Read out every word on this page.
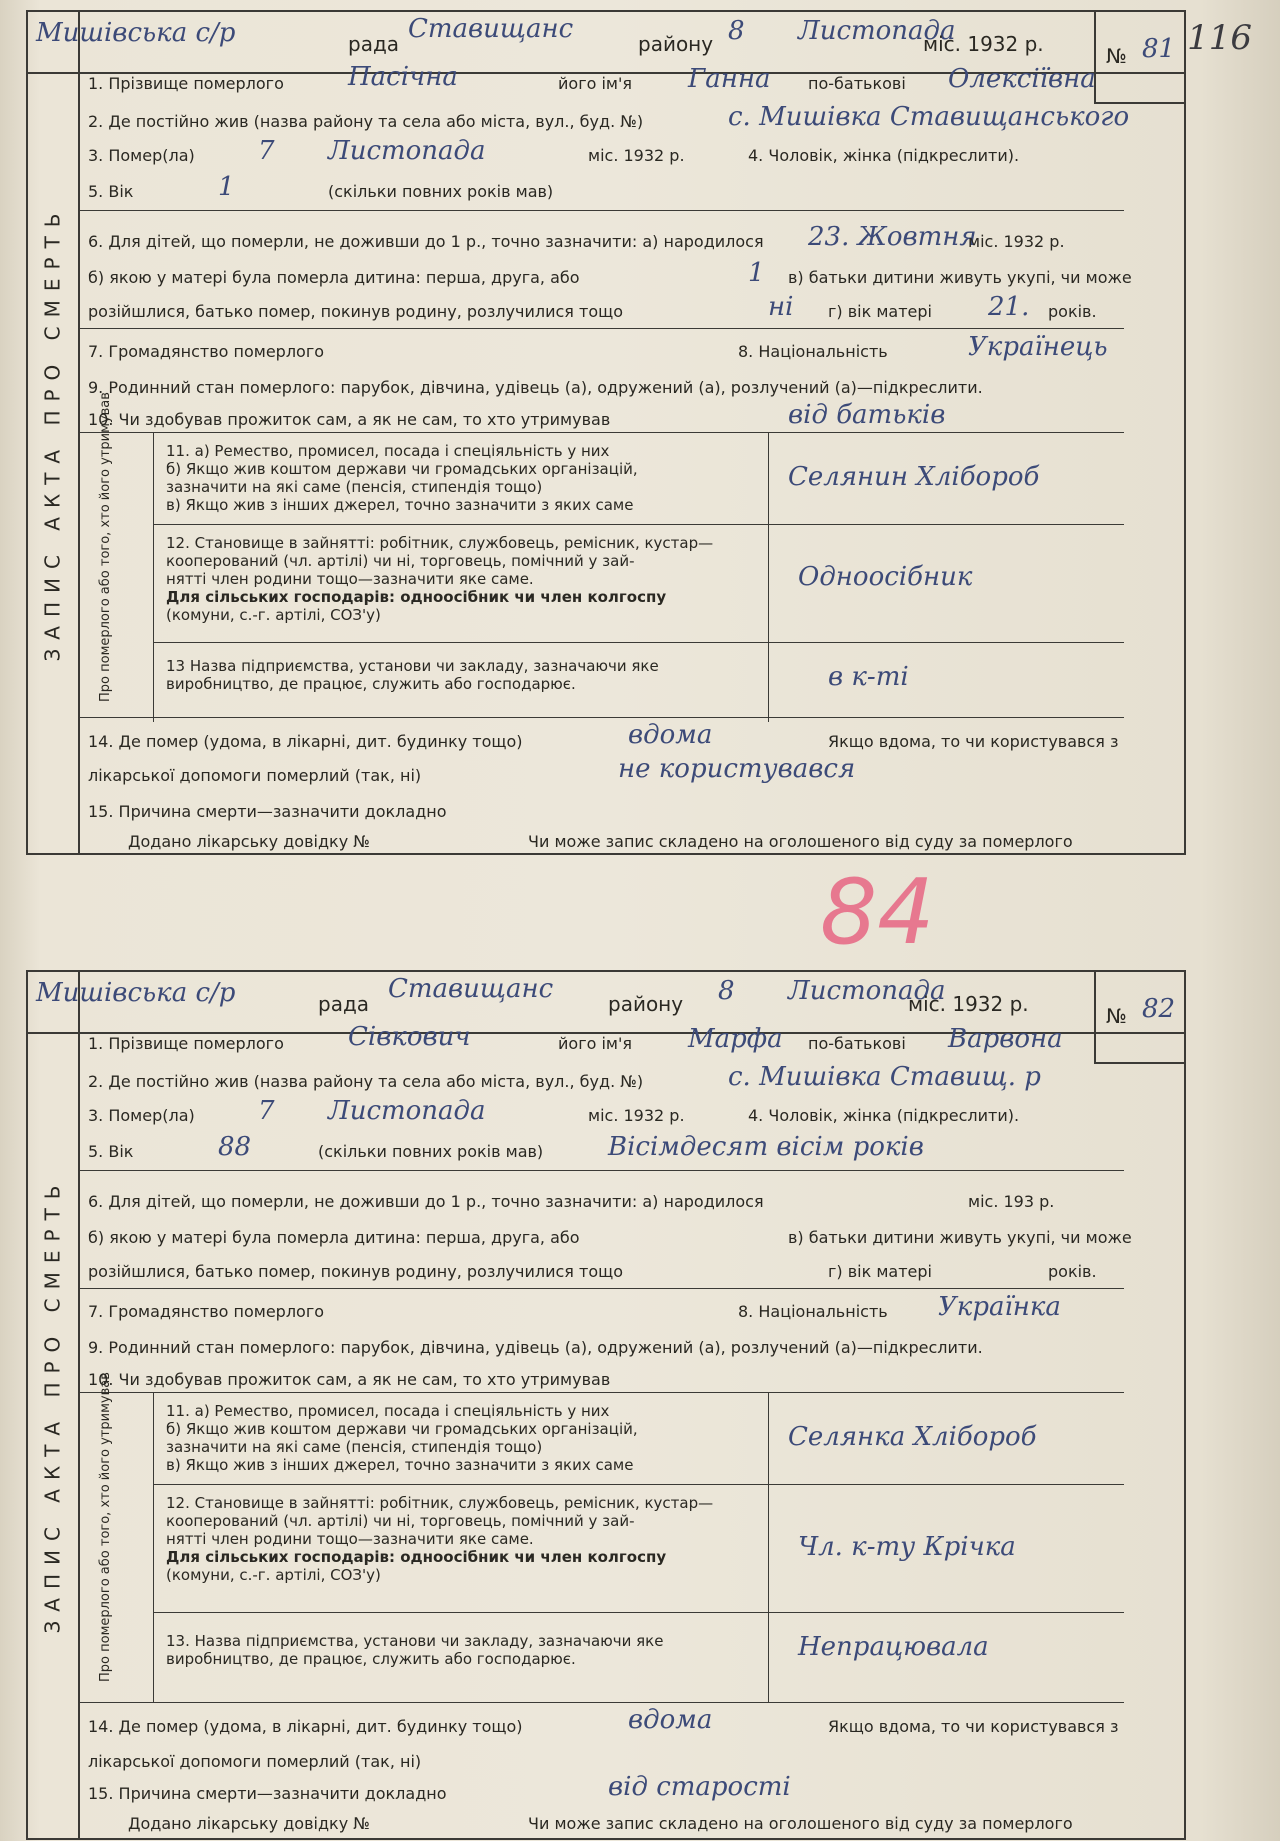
116
84
ЗАПИС АКТА ПРО СМЕРТЬ
Мишівська с/р	рада Ставищанс	району 8 Листопада
міс. 1932 р.	№ 81
1. Прізвище померлого Пасічна	його ім'я Ганна по-батькові Олексіївна
2. Де постійно жив (назва району та села або міста, вул., буд. №)	с. Мишівка Ставищанського
3. Помер(ла) 7 Листопада	міс. 1932 р.	4. Чоловік, жінка (підкреслити).
5. Вік	1	(скільки повних років мав)
6. Для дітей, що померли, не доживши до 1 р., точно зазначити: а) народилося 23. Жовтня
міс. 1932 р.
б) якою у матері була померла дитина: перша, друга, або	1 в) батьки дитини живуть укупі, чи може
розійшлися, батько помер, покинув родину, розлучилися тощо	ні г) вік матері 21. років.
7. Громадянство померлого	8. Національність	Українець
9. Родинний стан померлого: парубок, дівчина, удівець (а), одружений (а), розлучений (а)—підкреслити.
10. Чи здобував прожиток сам, а як не сам, то хто утримував	від батьків
Про померлого або того, хто його утримував	11. а) Ремество, промисел, посада і спеціяльність у них
б) Якщо жив коштом держави чи громадських організацій,
зазначити на які саме (пенсія, стипендія тощо)
в) Якщо жив з інших джерел, точно зазначити з яких саме
Селянин Хлібороб
12. Становище в зайнятті: робітник, службовець, ремісник, кустар—
кооперований (чл. артілі) чи ні, торговець, помічний у зай-
нятті член родини тощо—зазначити яке саме.
Для сільських господарів: одноосібник чи член колгоспу
(комуни, с.-г. артілі, СОЗ'у)
Одноосібник
13 Назва підприємства, установи чи закладу, зазначаючи яке
виробництво, де працює, служить або господарює.	в к-ті
14. Де помер (удома, в лікарні, дит. будинку тощо)	вдома	Якщо вдома, то чи користувався з
лікарської допомоги померлий (так, ні)	не користувався
15. Причина смерти—зазначити докладно
Додано лікарську довідку №	Чи може запис складено на оголошеного від суду за померлого
ЗАПИС АКТА ПРО СМЕРТЬ
Мишівська с/р	рада Ставищанс	району 8 Листопада
міс. 1932 р.	№ 82
1. Прізвище померлого Сівкович	його ім'я Марфа по-батькові Варвона
2. Де постійно жив (назва району та села або міста, вул., буд. №)	с. Мишівка Ставищ. р
3. Помер(ла) 7 Листопада	міс. 1932 р.	4. Чоловік, жінка (підкреслити).
5. Вік	88	(скільки повних років мав) Вісімдесят вісім років
6. Для дітей, що померли, не доживши до 1 р., точно зазначити: а) народилося	міс. 193 р.
б) якою у матері була померла дитина: перша, друга, або	в) батьки дитини живуть укупі, чи може
розійшлися, батько помер, покинув родину, розлучилися тощо	г) вік матері	років.
7. Громадянство померлого	8. Національність Українка
9. Родинний стан померлого: парубок, дівчина, удівець (а), одружений (а), розлучений (а)—підкреслити.
10. Чи здобував прожиток сам, а як не сам, то хто утримував
Про померлого або того, хто його утримував	11. а) Ремество, промисел, посада і спеціяльність у них
б) Якщо жив коштом держави чи громадських організацій,
зазначити на які саме (пенсія, стипендія тощо)
в) Якщо жив з інших джерел, точно зазначити з яких саме
Селянка Хлібороб
12. Становище в зайнятті: робітник, службовець, ремісник, кустар—
кооперований (чл. артілі) чи ні, торговець, помічний у зай-
нятті член родини тощо—зазначити яке саме.
Для сільських господарів: одноосібник чи член колгоспу
(комуни, с.-г. артілі, СОЗ'у)
Чл. к-ту Крічка
13. Назва підприємства, установи чи закладу, зазначаючи яке
виробництво, де працює, служить або господарює.	Непрацювала
14. Де помер (удома, в лікарні, дит. будинку тощо)	вдома	Якщо вдома, то чи користувався з
лікарської допомоги померлий (так, ні)
15. Причина смерти—зазначити докладно	від старості
Додано лікарську довідку №	Чи може запис складено на оголошеного від суду за померлого
